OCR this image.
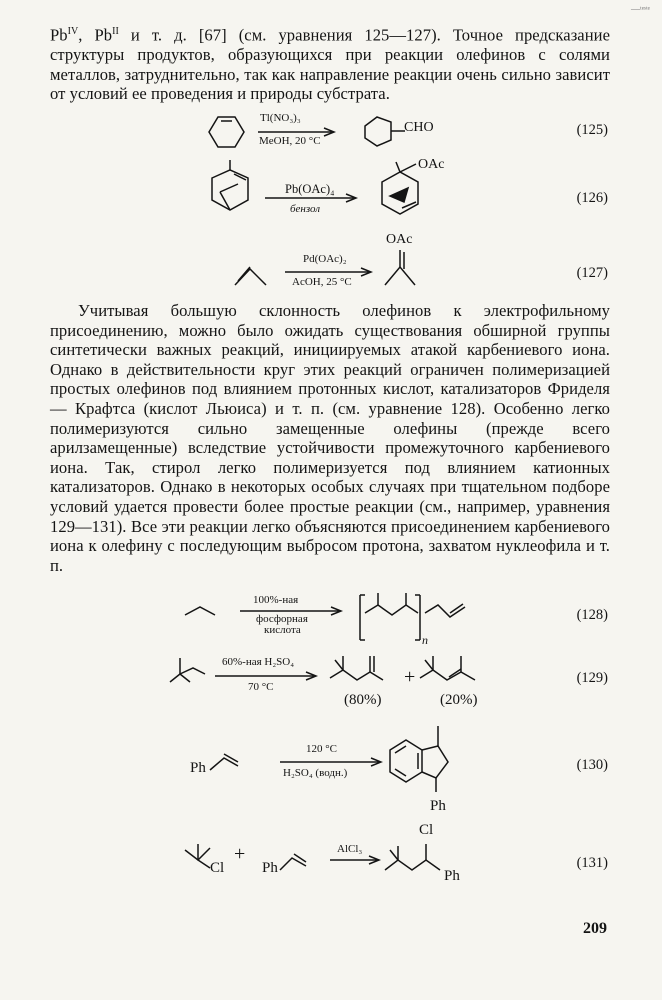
—ᵗᵉˢᵗᵉ

$Pb^{IV}$, $Pb^{II}$ и т. д. [67] (см. уравнения 125—127). Точное предсказание структуры продуктов, образующихся при реакции олефинов с солями металлов, затруднительно, так как направление реакции очень сильно зависит от условий ее проведения и природы субстрата.

Tl(NO₃)₃
MeOH, 20 °C
CHO	(125)
Pb(OAc)₄
бензол
OAc
(126)
OAc
Pd(OAc)₂
AcOH, 25 °C
(127)

Учитывая большую склонность олефинов к электрофильному присоединению, можно было ожидать существования обширной группы синтетически важных реакций, инициируемых атакой карбениевого иона. Однако в действительности круг этих реакций ограничен полимеризацией простых олефинов под влиянием протонных кислот, катализаторов Фриделя — Крафтса (кислот Льюиса) и т. п. (см. уравнение 128). Особенно легко полимеризуются сильно замещенные олефины (прежде всего арилзамещенные) вследствие устойчивости промежуточного карбениевого иона. Так, стирол легко полимеризуется под влиянием катионных катализаторов. Однако в некоторых особых случаях при тщательном подборе условий удается провести более простые реакции (см., например, уравнения 129—131). Все эти реакции легко объясняются присоединением карбениевого иона к олефину с последующим выбросом протона, захватом нуклеофила и т. п.

100%-ная
фосфорная
кислота
n
(128)
60%-ная H₂SO₄
70 °C	+
(80%)	(20%)
(129)
Ph
120 °C
H₂SO₄ (водн.)
Ph
(130)
Cl
+
Ph
AlCl₃
Cl
Ph
(131)
209
